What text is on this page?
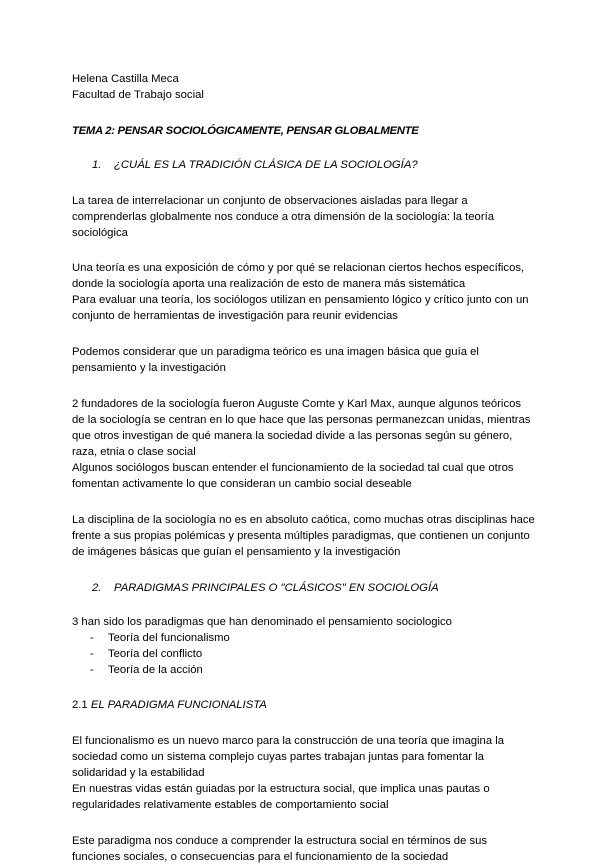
Helena Castilla Meca

Facultad de Trabajo social

TEMA 2: PENSAR SOCIOLÓGICAMENTE, PENSAR GLOBALMENTE

1. ¿CUÁL ES LA TRADICIÓN CLÁSICA DE LA SOCIOLOGÍA?

La tarea de interrelacionar un conjunto de observaciones aisladas para llegar a

comprenderlas globalmente nos conduce a otra dimensión de la sociología: la teoría

sociológica

Una teoría es una exposición de cómo y por qué se relacionan ciertos hechos específicos,

donde la sociología aporta una realización de esto de manera más sistemática

Para evaluar una teoría, los sociólogos utilizan en pensamiento lógico y crítico junto con un

conjunto de herramientas de investigación para reunir evidencias

Podemos considerar que un paradigma teórico es una imagen básica que guía el

pensamiento y la investigación

2 fundadores de la sociología fueron Auguste Comte y Karl Max, aunque algunos teóricos

de la sociología se centran en lo que hace que las personas permanezcan unidas, mientras

que otros investigan de qué manera la sociedad divide a las personas según su género,

raza, etnia o clase social

Algunos sociólogos buscan entender el funcionamiento de la sociedad tal cual que otros

fomentan activamente lo que consideran un cambio social deseable

La disciplina de la sociología no es en absoluto caótica, como muchas otras disciplinas hace

frente a sus propias polémicas y presenta múltiples paradigmas, que contienen un conjunto

de imágenes básicas que guían el pensamiento y la investigación

2. PARADIGMAS PRINCIPALES O "CLÁSICOS" EN SOCIOLOGÍA

3 han sido los paradigmas que han denominado el pensamiento sociologico

- Teoría del funcionalismo

- Teoría del conflicto

- Teoría de la acción

2.1 EL PARADIGMA FUNCIONALISTA

El funcionalismo es un nuevo marco para la construcción de una teoría que imagina la

sociedad como un sistema complejo cuyas partes trabajan juntas para fomentar la

solidaridad y la estabilidad

En nuestras vidas están guiadas por la estructura social, que implica unas pautas o

regularidades relativamente estables de comportamiento social

Este paradigma nos conduce a comprender la estructura social en términos de sus

funciones sociales, o consecuencias para el funcionamiento de la sociedad
